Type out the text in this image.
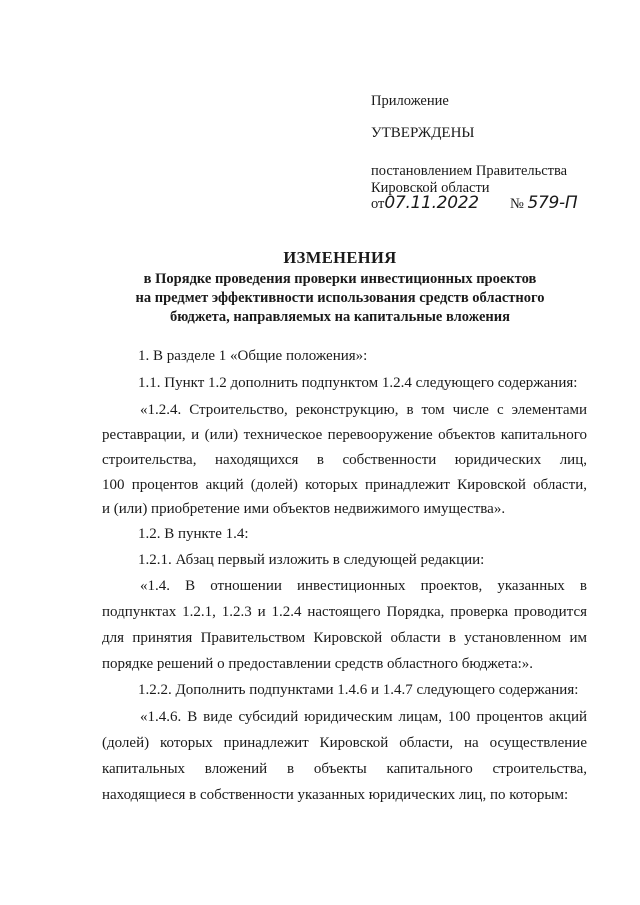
Приложение
УТВЕРЖДЕНЫ
постановлением Правительства
Кировской области
от07.11.2022 № 579-П
ИЗМЕНЕНИЯ
в Порядке проведения проверки инвестиционных проектов
на предмет эффективности использования средств областного
бюджета, направляемых на капитальные вложения
1. В разделе 1 «Общие положения»:
1.1. Пункт 1.2 дополнить подпунктом 1.2.4 следующего содержания:
«1.2.4. Строительство, реконструкцию, в том числе с элементами
реставрации, и (или) техническое перевооружение объектов капитального
строительства, находящихся в собственности юридических лиц,
100 процентов акций (долей) которых принадлежит Кировской области,
и (или) приобретение ими объектов недвижимого имущества».
1.2. В пункте 1.4:
1.2.1. Абзац первый изложить в следующей редакции:
«1.4. В отношении инвестиционных проектов, указанных в
подпунктах 1.2.1, 1.2.3 и 1.2.4 настоящего Порядка, проверка проводится
для принятия Правительством Кировской области в установленном им
порядке решений о предоставлении средств областного бюджета:».
1.2.2. Дополнить подпунктами 1.4.6 и 1.4.7 следующего содержания:
«1.4.6. В виде субсидий юридическим лицам, 100 процентов акций
(долей) которых принадлежит Кировской области, на осуществление
капитальных вложений в объекты капитального строительства,
находящиеся в собственности указанных юридических лиц, по которым:
